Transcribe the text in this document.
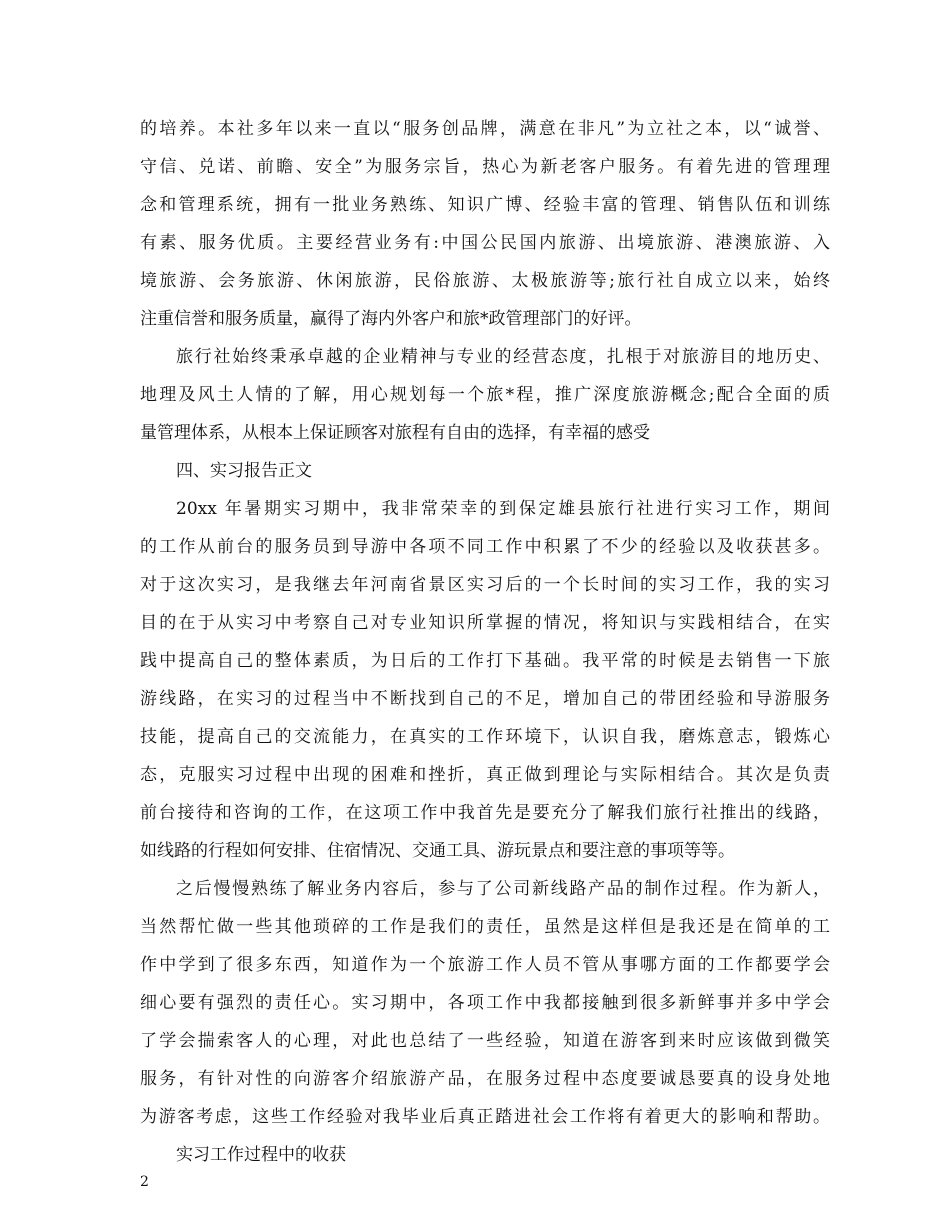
的培养。本社多年以来一直以“服务创品牌，满意在非凡”为立社之本，以“诚誉、
守信、兑诺、前瞻、安全”为服务宗旨，热心为新老客户服务。有着先进的管理理
念和管理系统，拥有一批业务熟练、知识广博、经验丰富的管理、销售队伍和训练
有素、服务优质。主要经营业务有:中国公民国内旅游、出境旅游、港澳旅游、入
境旅游、会务旅游、休闲旅游，民俗旅游、太极旅游等;旅行社自成立以来，始终
注重信誉和服务质量，赢得了海内外客户和旅*政管理部门的好评。
旅行社始终秉承卓越的企业精神与专业的经营态度，扎根于对旅游目的地历史、
地理及风土人情的了解，用心规划每一个旅*程，推广深度旅游概念;配合全面的质
量管理体系，从根本上保证顾客对旅程有自由的选择，有幸福的感受
四、实习报告正文
20xx 年暑期实习期中，我非常荣幸的到保定雄县旅行社进行实习工作，期间
的工作从前台的服务员到导游中各项不同工作中积累了不少的经验以及收获甚多。
对于这次实习，是我继去年河南省景区实习后的一个长时间的实习工作，我的实习
目的在于从实习中考察自己对专业知识所掌握的情况，将知识与实践相结合，在实
践中提高自己的整体素质，为日后的工作打下基础。我平常的时候是去销售一下旅
游线路，在实习的过程当中不断找到自己的不足，增加自己的带团经验和导游服务
技能，提高自己的交流能力，在真实的工作环境下，认识自我，磨炼意志，锻炼心
态，克服实习过程中出现的困难和挫折，真正做到理论与实际相结合。其次是负责
前台接待和咨询的工作，在这项工作中我首先是要充分了解我们旅行社推出的线路，
如线路的行程如何安排、住宿情况、交通工具、游玩景点和要注意的事项等等。
之后慢慢熟练了解业务内容后，参与了公司新线路产品的制作过程。作为新人，
当然帮忙做一些其他琐碎的工作是我们的责任，虽然是这样但是我还是在简单的工
作中学到了很多东西，知道作为一个旅游工作人员不管从事哪方面的工作都要学会
细心要有强烈的责任心。实习期中，各项工作中我都接触到很多新鲜事并多中学会
了学会揣索客人的心理，对此也总结了一些经验，知道在游客到来时应该做到微笑
服务，有针对性的向游客介绍旅游产品，在服务过程中态度要诚恳要真的设身处地
为游客考虑，这些工作经验对我毕业后真正踏进社会工作将有着更大的影响和帮助。
实习工作过程中的收获
2
